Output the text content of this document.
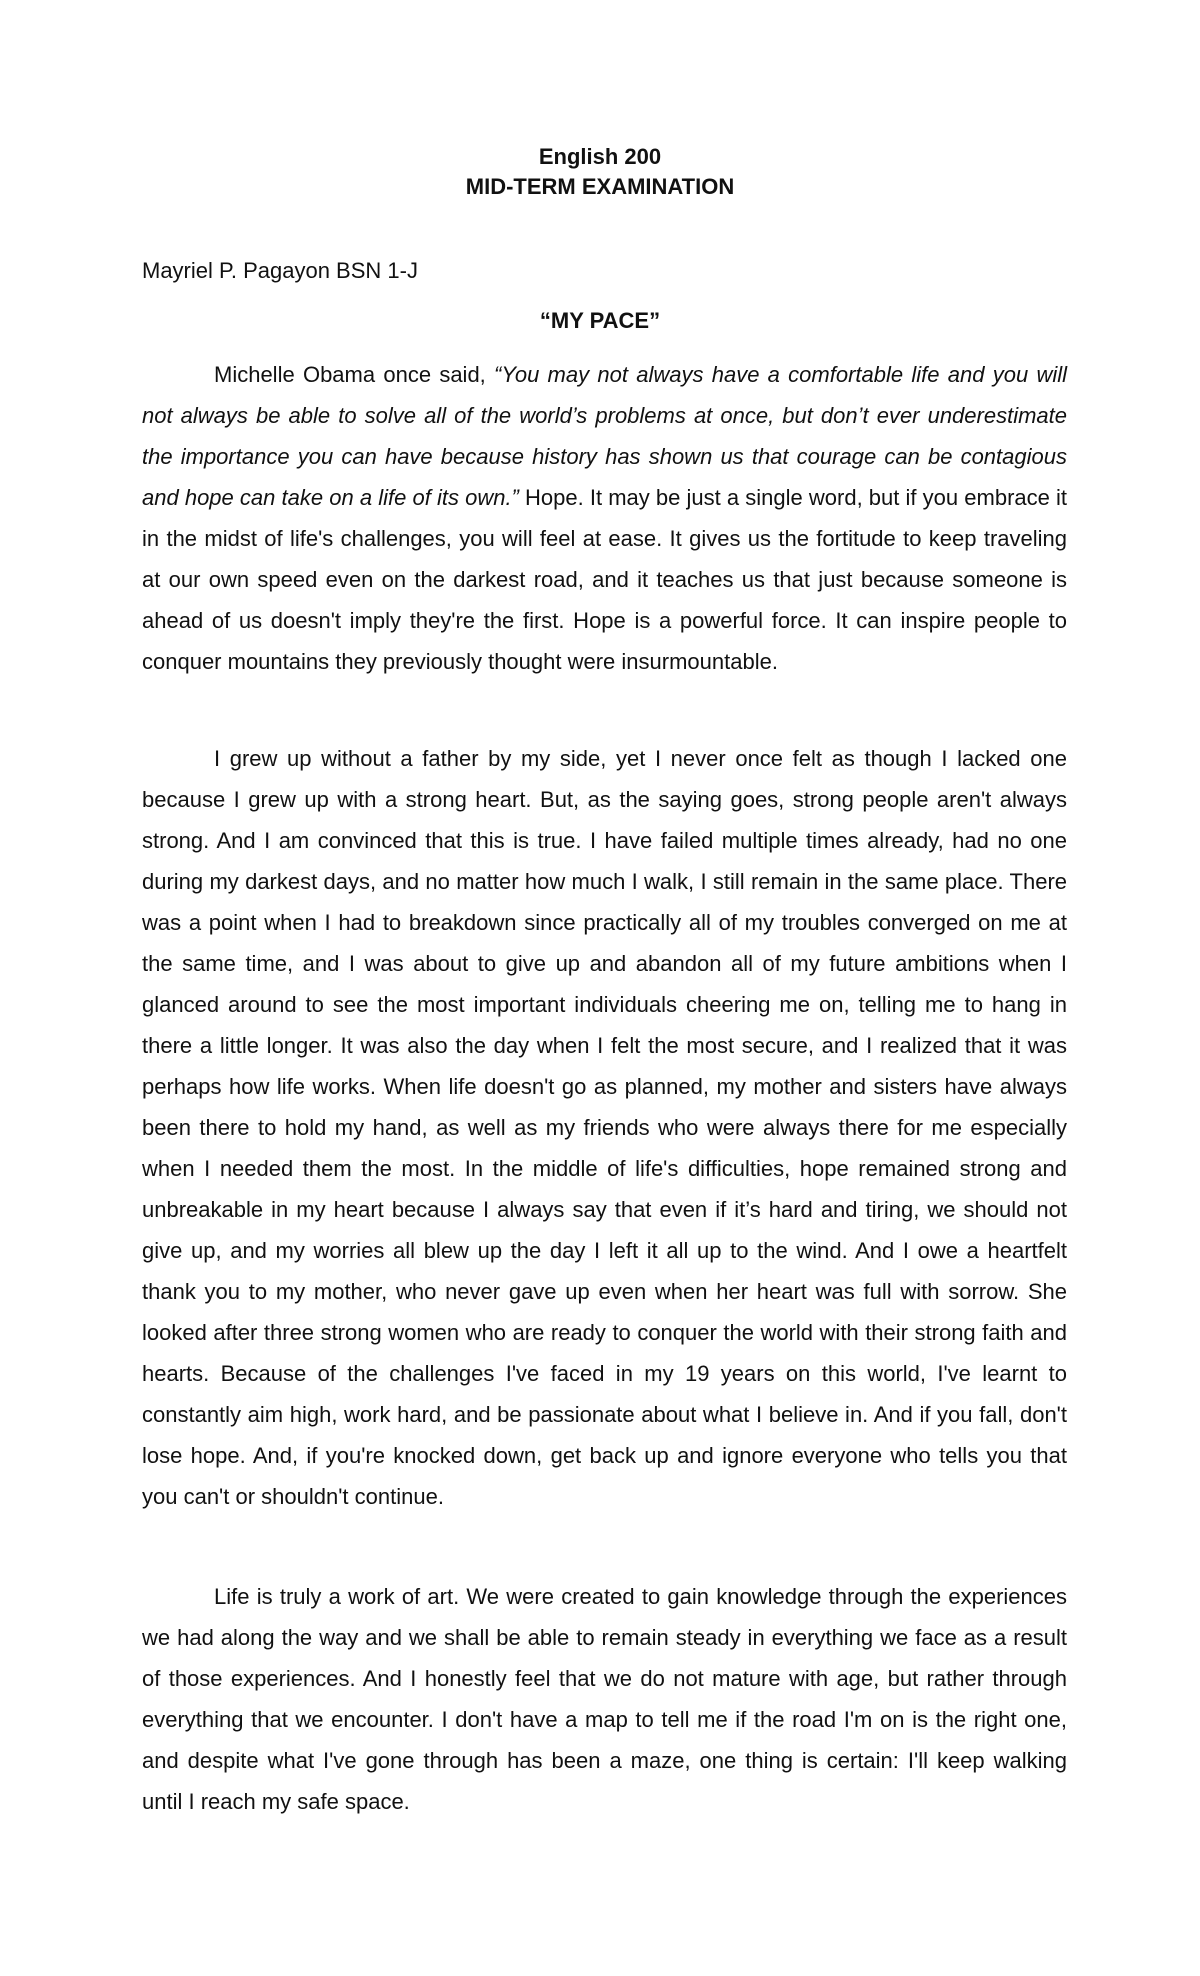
English 200
MID-TERM EXAMINATION
Mayriel P. Pagayon BSN 1-J
“MY PACE”

Michelle Obama once said, “You may not always have a comfortable life and you will not always be able to solve all of the world’s problems at once, but don’t ever underestimate the importance you can have because history has shown us that courage can be contagious and hope can take on a life of its own.” Hope. It may be just a single word, but if you embrace it in the midst of life's challenges, you will feel at ease. It gives us the fortitude to keep traveling at our own speed even on the darkest road, and it teaches us that just because someone is ahead of us doesn't imply they're the first. Hope is a powerful force. It can inspire people to conquer mountains they previously thought were insurmountable.

I grew up without a father by my side, yet I never once felt as though I lacked one because I grew up with a strong heart. But, as the saying goes, strong people aren't always strong. And I am convinced that this is true. I have failed multiple times already, had no one during my darkest days, and no matter how much I walk, I still remain in the same place. There was a point when I had to breakdown since practically all of my troubles converged on me at the same time, and I was about to give up and abandon all of my future ambitions when I glanced around to see the most important individuals cheering me on, telling me to hang in there a little longer. It was also the day when I felt the most secure, and I realized that it was perhaps how life works. When life doesn't go as planned, my mother and sisters have always been there to hold my hand, as well as my friends who were always there for me especially when I needed them the most. In the middle of life's difficulties, hope remained strong and unbreakable in my heart because I always say that even if it’s hard and tiring, we should not give up, and my worries all blew up the day I left it all up to the wind. And I owe a heartfelt thank you to my mother, who never gave up even when her heart was full with sorrow. She looked after three strong women who are ready to conquer the world with their strong faith and hearts. Because of the challenges I've faced in my 19 years on this world, I've learnt to constantly aim high, work hard, and be passionate about what I believe in. And if you fall, don't lose hope. And, if you're knocked down, get back up and ignore everyone who tells you that you can't or shouldn't continue.

Life is truly a work of art. We were created to gain knowledge through the experiences we had along the way and we shall be able to remain steady in everything we face as a result of those experiences. And I honestly feel that we do not mature with age, but rather through everything that we encounter. I don't have a map to tell me if the road I'm on is the right one, and despite what I've gone through has been a maze, one thing is certain: I'll keep walking until I reach my safe space.
